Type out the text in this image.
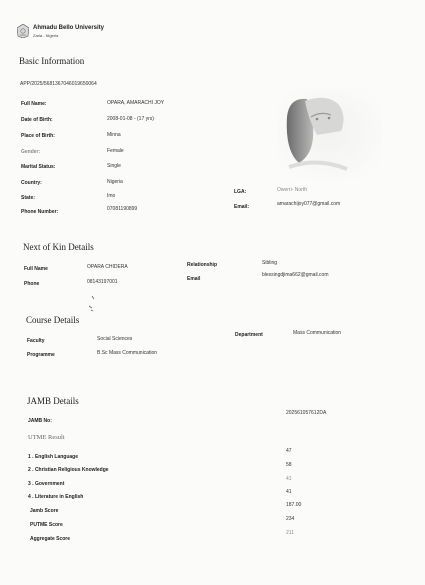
Ahmadu Bello University
Zaria - Nigeria
Basic Information
APP/2025/5681367046019650064
Full Name:	OPARA, AMARACHI JOY
Date of Birth:	2008-01-08 - (17 yrs)
Place of Birth:	Minna
Gender:	Female
Marital Status:	Single
Country:	Nigeria
State:	Imo
Phone Number:	07081190899
LGA:	Owerri- North
Email:	amarachijoy077@gmail.com
Next of Kin Details
Full Name	OPARA CHIDERA	Relationship	Sibling
Phone	08143197001	Email
blessingdjima662@gmail.com
Course Details
Faculty	Social Sciences
Department	Mass Communication
Programme	B.Sc Mass Communication
JAMB Details
JAMB No:
202561057612DA
UTME Result
1 . English Language
47
2 . Christian Religious Knowledge
58
3 . Government
41
4 . Literature in English
41
Jamb Score
187.00
PUTME Score
234
Aggregate Score
211
